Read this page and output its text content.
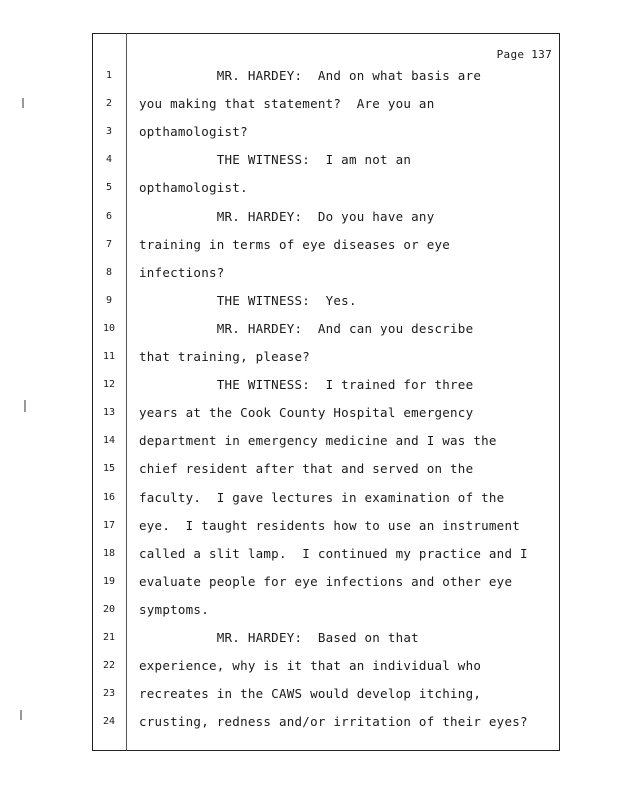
Page 137
1	MR. HARDEY:  And on what basis are
2	you making that statement?  Are you an
3	opthamologist?
4	THE WITNESS:  I am not an
5	opthamologist.
6	MR. HARDEY:  Do you have any
7	training in terms of eye diseases or eye
8	infections?
9	THE WITNESS:  Yes.
10	MR. HARDEY:  And can you describe
11	that training, please?
12	THE WITNESS:  I trained for three
13	years at the Cook County Hospital emergency
14	department in emergency medicine and I was the
15	chief resident after that and served on the
16	faculty.  I gave lectures in examination of the
17	eye.  I taught residents how to use an instrument
18	called a slit lamp.  I continued my practice and I
19	evaluate people for eye infections and other eye
20	symptoms.
21	MR. HARDEY:  Based on that
22	experience, why is it that an individual who
23	recreates in the CAWS would develop itching,
24	crusting, redness and/or irritation of their eyes?
